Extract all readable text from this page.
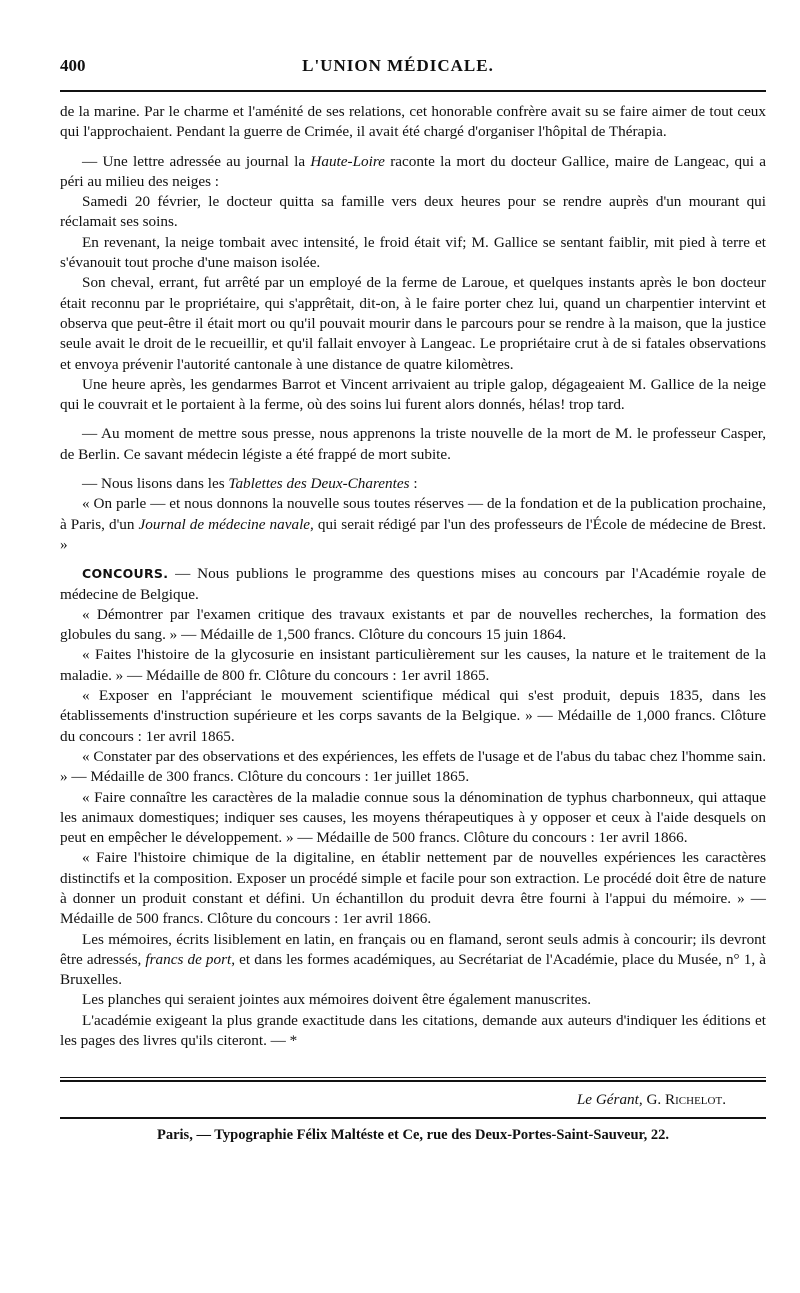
400	L'UNION MÉDICALE.

de la marine. Par le charme et l'aménité de ses relations, cet honorable confrère avait su se faire aimer de tout ceux qui l'approchaient. Pendant la guerre de Crimée, il avait été chargé d'organiser l'hôpital de Thérapia.

— Une lettre adressée au journal la Haute-Loire raconte la mort du docteur Gallice, maire de Langeac, qui a péri au milieu des neiges :

Samedi 20 février, le docteur quitta sa famille vers deux heures pour se rendre auprès d'un mourant qui réclamait ses soins.

En revenant, la neige tombait avec intensité, le froid était vif; M. Gallice se sentant faiblir, mit pied à terre et s'évanouit tout proche d'une maison isolée.

Son cheval, errant, fut arrêté par un employé de la ferme de Laroue, et quelques instants après le bon docteur était reconnu par le propriétaire, qui s'apprêtait, dit-on, à le faire porter chez lui, quand un charpentier intervint et observa que peut-être il était mort ou qu'il pouvait mourir dans le parcours pour se rendre à la maison, que la justice seule avait le droit de le recueillir, et qu'il fallait envoyer à Langeac. Le propriétaire crut à de si fatales observations et envoya prévenir l'autorité cantonale à une distance de quatre kilomètres.

Une heure après, les gendarmes Barrot et Vincent arrivaient au triple galop, dégageaient M. Gallice de la neige qui le couvrait et le portaient à la ferme, où des soins lui furent alors donnés, hélas! trop tard.

— Au moment de mettre sous presse, nous apprenons la triste nouvelle de la mort de M. le professeur Casper, de Berlin. Ce savant médecin légiste a été frappé de mort subite.

— Nous lisons dans les Tablettes des Deux-Charentes :

« On parle — et nous donnons la nouvelle sous toutes réserves — de la fondation et de la publication prochaine, à Paris, d'un Journal de médecine navale, qui serait rédigé par l'un des professeurs de l'École de médecine de Brest. »

CONCOURS. — Nous publions le programme des questions mises au concours par l'Académie royale de médecine de Belgique.

« Démontrer par l'examen critique des travaux existants et par de nouvelles recherches, la formation des globules du sang. » — Médaille de 1,500 francs. Clôture du concours 15 juin 1864.

« Faites l'histoire de la glycosurie en insistant particulièrement sur les causes, la nature et le traitement de la maladie. » — Médaille de 800 fr. Clôture du concours : 1er avril 1865.

« Exposer en l'appréciant le mouvement scientifique médical qui s'est produit, depuis 1835, dans les établissements d'instruction supérieure et les corps savants de la Belgique. » — Médaille de 1,000 francs. Clôture du concours : 1er avril 1865.

« Constater par des observations et des expériences, les effets de l'usage et de l'abus du tabac chez l'homme sain. » — Médaille de 300 francs. Clôture du concours : 1er juillet 1865.

« Faire connaître les caractères de la maladie connue sous la dénomination de typhus charbonneux, qui attaque les animaux domestiques; indiquer ses causes, les moyens thérapeutiques à y opposer et ceux à l'aide desquels on peut en empêcher le développement. » — Médaille de 500 francs. Clôture du concours : 1er avril 1866.

« Faire l'histoire chimique de la digitaline, en établir nettement par de nouvelles expériences les caractères distinctifs et la composition. Exposer un procédé simple et facile pour son extraction. Le procédé doit être de nature à donner un produit constant et défini. Un échantillon du produit devra être fourni à l'appui du mémoire. » — Médaille de 500 francs. Clôture du concours : 1er avril 1866.

Les mémoires, écrits lisiblement en latin, en français ou en flamand, seront seuls admis à concourir; ils devront être adressés, francs de port, et dans les formes académiques, au Secrétariat de l'Académie, place du Musée, n° 1, à Bruxelles.

Les planches qui seraient jointes aux mémoires doivent être également manuscrites.

L'académie exigeant la plus grande exactitude dans les citations, demande aux auteurs d'indiquer les éditions et les pages des livres qu'ils citeront. — *

Le Gérant, G. Richelot.
Paris, — Typographie Félix Maltéste et Ce, rue des Deux-Portes-Saint-Sauveur, 22.
